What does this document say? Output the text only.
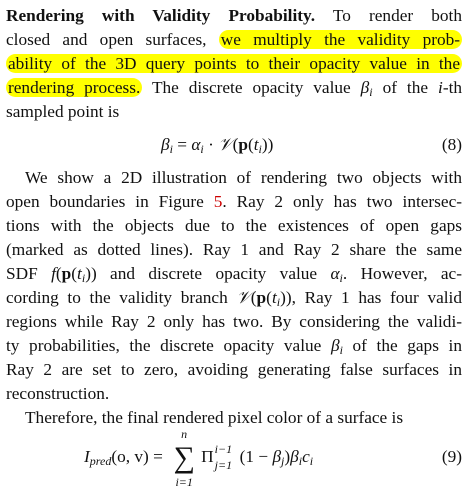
Rendering with Validity Probability. To render both
closed and open surfaces, we multiply the validity prob-
ability of the 3D query points to their opacity value in the
rendering process. The discrete opacity value $\beta_i$ of the i-th
sampled point is
$\beta_i = \alpha_i$ · $𝒱(p(t_i))$	(8)
We show a 2D illustration of rendering two objects with
open boundaries in Figure 5. Ray 2 only has two intersec-
tions with the objects due to the existences of open gaps
(marked as dotted lines). Ray 1 and Ray 2 share the same
SDF $f(p(t_i))$ and discrete opacity value $\alpha_i$. However, ac-
cording to the validity branch $𝒱(p(t_i))$, Ray 1 has four valid
regions while Ray 2 only has two. By considering the validi-
ty probabilities, the discrete opacity value $\beta_i$ of the gaps in
Ray 2 are set to zero, avoiding generating false surfaces in
reconstruction.
Therefore, the final rendered pixel color of a surface is
$I_{pred}(o$, v) =
n
∑
i=1
Π i−1
j=1 $(1 - \beta_j)\beta_ic_i$	(9)
